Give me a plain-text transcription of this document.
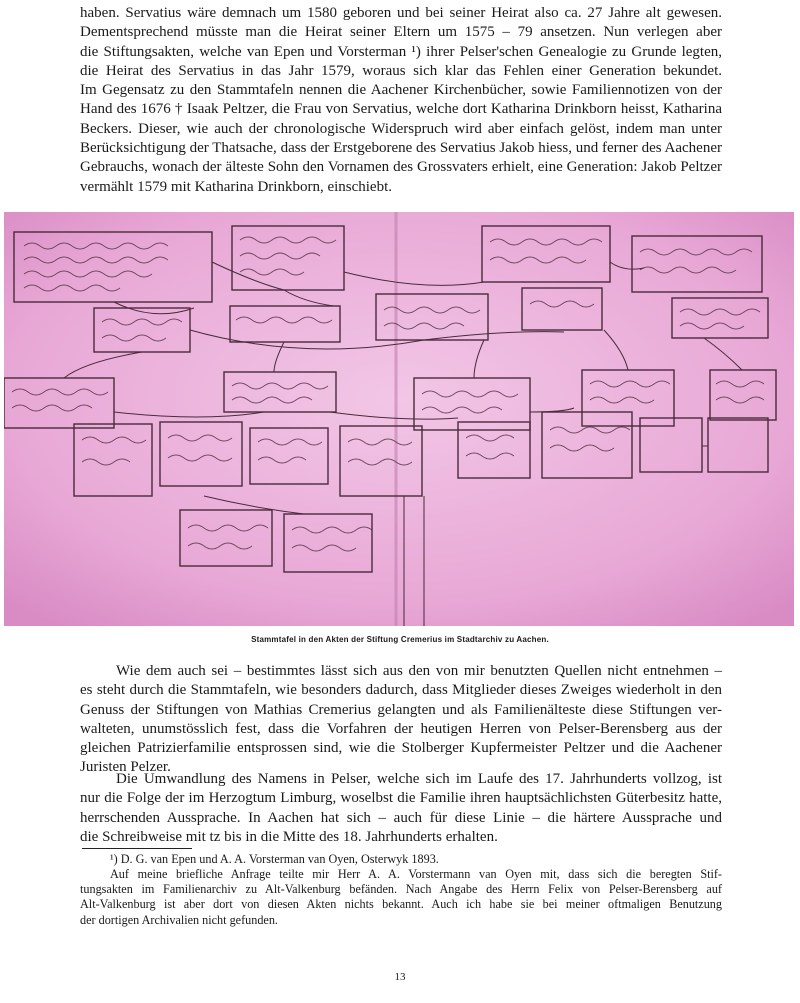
haben. Servatius wäre demnach um 1580 geboren und bei seiner Heirat also ca. 27 Jahre alt gewesen.
Dementsprechend müsste man die Heirat seiner Eltern um 1575 – 79 ansetzen. Nun verlegen aber
die Stiftungsakten, welche van Epen und Vorsterman ¹) ihrer Pelser'schen Genealogie zu Grunde legten,
die Heirat des Servatius in das Jahr 1579, woraus sich klar das Fehlen einer Generation bekundet.
Im Gegensatz zu den Stammtafeln nennen die Aachener Kirchenbücher, sowie Familiennotizen von der
Hand des 1676 † Isaak Peltzer, die Frau von Servatius, welche dort Katharina Drinkborn heisst, Katharina
Beckers. Dieser, wie auch der chronologische Widerspruch wird aber einfach gelöst, indem man unter
Berücksichtigung der Thatsache, dass der Erstgeborene des Servatius Jakob hiess, und ferner des Aachener
Gebrauchs, wonach der älteste Sohn den Vornamen des Grossvaters erhielt, eine Generation: Jakob Peltzer
vermählt 1579 mit Katharina Drinkborn, einschiebt.
Stammtafel in den Akten der Stiftung Cremerius im Stadtarchiv zu Aachen.
Wie dem auch sei – bestimmtes lässt sich aus den von mir benutzten Quellen nicht entnehmen –
es steht durch die Stammtafeln, wie besonders dadurch, dass Mitglieder dieses Zweiges wiederholt in den
Genuss der Stiftungen von Mathias Cremerius gelangten und als Familienälteste diese Stiftungen ver-
walteten, unumstösslich fest, dass die Vorfahren der heutigen Herren von Pelser-Berensberg aus der
gleichen Patrizierfamilie entsprossen sind, wie die Stolberger Kupfermeister Peltzer und die Aachener
Juristen Pelzer.
Die Umwandlung des Namens in Pelser, welche sich im Laufe des 17. Jahrhunderts vollzog, ist
nur die Folge der im Herzogtum Limburg, woselbst die Familie ihren hauptsächlichsten Güterbesitz hatte,
herrschenden Aussprache. In Aachen hat sich – auch für diese Linie – die härtere Aussprache und
die Schreibweise mit tz bis in die Mitte des 18. Jahrhunderts erhalten.
¹) D. G. van Epen und A. A. Vorsterman van Oyen, Osterwyk 1893.
Auf meine briefliche Anfrage teilte mir Herr A. A. Vorstermann van Oyen mit, dass sich die beregten Stif-
tungsakten im Familienarchiv zu Alt-Valkenburg befänden. Nach Angabe des Herrn Felix von Pelser-Berensberg auf
Alt-Valkenburg ist aber dort von diesen Akten nichts bekannt. Auch ich habe sie bei meiner oftmaligen Benutzung
der dortigen Archivalien nicht gefunden.
13
